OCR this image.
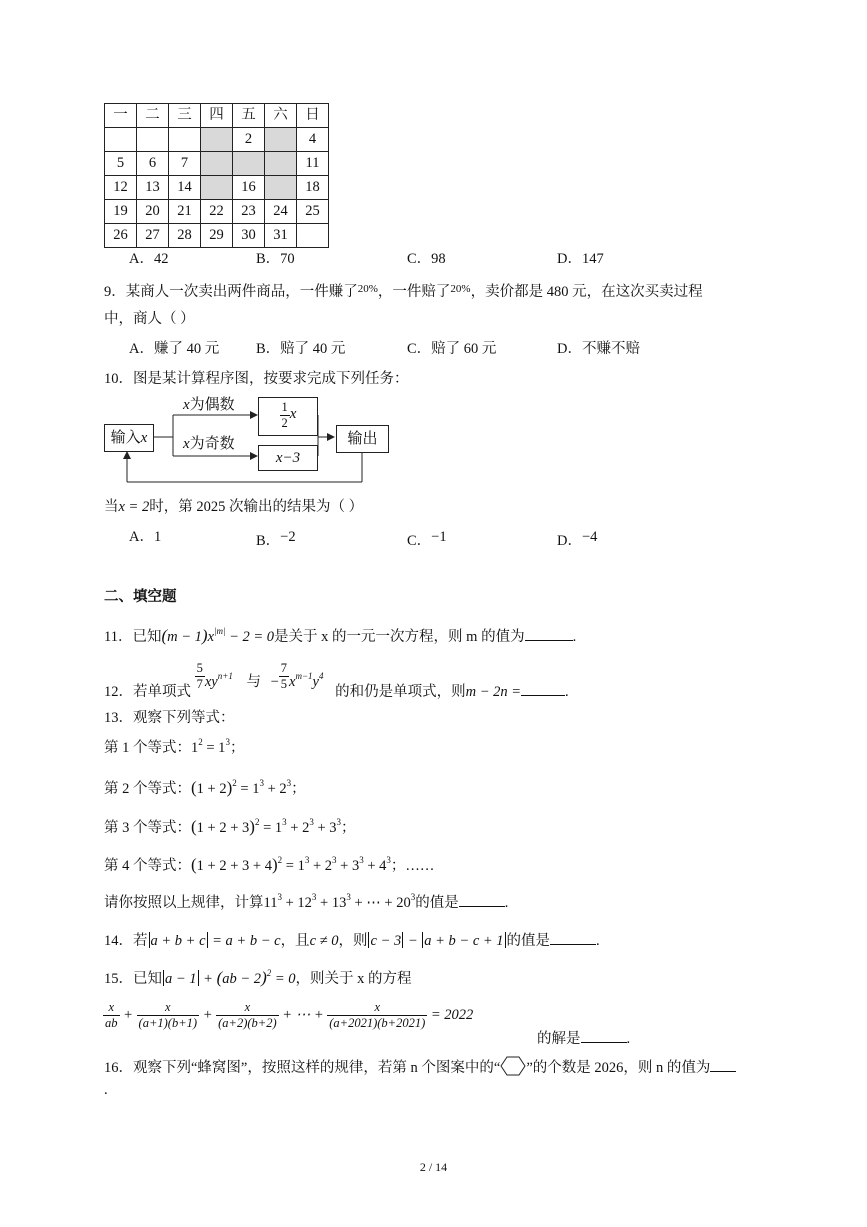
一	二	三	四	五	六	日
				2		4
5	6	7				11
12	13	14		16		18
19	20	21	22	23	24	25
26	27	28	29	30	31	
A．42	B．70	C．98	D．147
9．某商人一次卖出两件商品，一件赚了$^{20\%}$，一件赔了$^{20\%}$，卖价都是 480 元，在这次买卖过程
中，商人（ ）
A．赚了 40 元	B．赔了 40 元	C．赔了 60 元	D．不赚不赔
10．图是某计算程序图，按要求完成下列任务：
输入x
x为偶数
x为奇数
$\frac{1}{2}$ x
x−3
输出
当x = 2时，第 2025 次输出的结果为（ ）
A．1	B．−2	C．−1	D．−4
二、填空题
11．已知$(m - 1)x^{|m|} - 2 = 0$是关于 x 的一元一次方程，则 m 的值为	.
12．若单项式 $\frac{5}{7} xy^{n+1}$ 与 − $\frac{7}{5} x^{m-1}y^4$ 的和仍是单项式，则m − 2n =	.
13．观察下列等式：
第 1 个等式：$1^2 = 1^3$；
第 2 个等式：$(1 + 2)^2 = 1^3 + 2^3$；
第 3 个等式：$(1 + 2 + 3)^2 = 1^3 + 2^3 + 3^3$；
第 4 个等式：$(1 + 2 + 3 + 4)^2 = 1^3 + 2^3 + 3^3 + 4^3$；……
请你按照以上规律，计算$11^3 + 12^3 + 13^3$ + ⋯ + $20^3$的值是	.
14．若 a + b + c = a + b − c，且c ≠ 0，则 c − 3 − a + b − c + 1 的值是	.
15．已知 a − 1 + (ab − 2)$^2$ = 0，则关于 x 的方程
$\frac{x}{ab} + \frac{x}{(a+1)(b+1)} + \frac{x}{(a+2)(b+2)}$ + ⋯ + $\frac{x}{(a+2021)(b+2021)} = 2022$
的解是	.
16．观察下列“蜂窝图”，按照这样的规律，若第 n 个图案中的“ ”的个数是 2026，则 n 的值为
.
2 / 14
